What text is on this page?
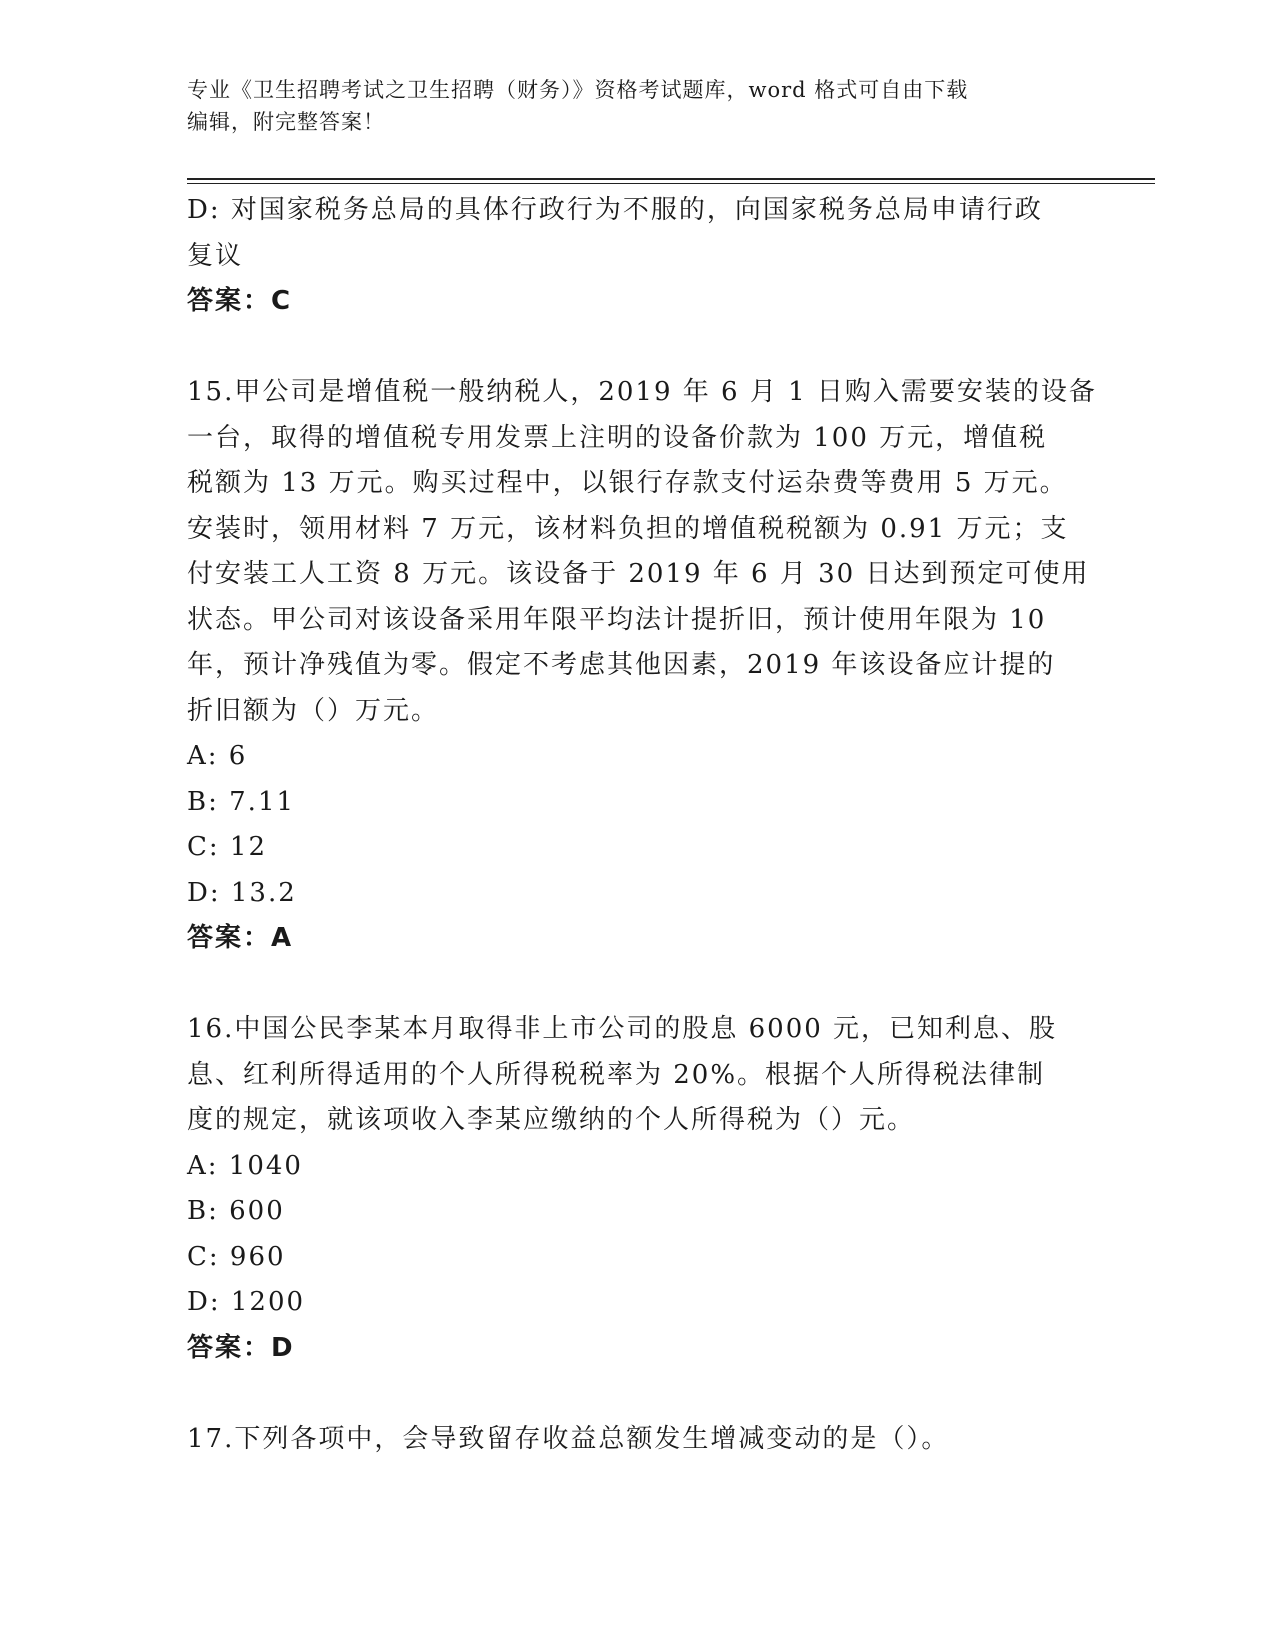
专业《卫生招聘考试之卫生招聘（财务）》资格考试题库，word 格式可自由下载
编辑，附完整答案！
D: 对国家税务总局的具体行政行为不服的，向国家税务总局申请行政
复议
答案：C
15.甲公司是增值税一般纳税人，2019 年 6 月 1 日购入需要安装的设备
一台，取得的增值税专用发票上注明的设备价款为 100 万元，增值税
税额为 13 万元。购买过程中，以银行存款支付运杂费等费用 5 万元。
安装时，领用材料 7 万元，该材料负担的增值税税额为 0.91 万元；支
付安装工人工资 8 万元。该设备于 2019 年 6 月 30 日达到预定可使用
状态。甲公司对该设备采用年限平均法计提折旧，预计使用年限为 10
年，预计净残值为零。假定不考虑其他因素，2019 年该设备应计提的
折旧额为（）万元。
A: 6
B: 7.11
C: 12
D: 13.2
答案：A
16.中国公民李某本月取得非上市公司的股息 6000 元，已知利息、股
息、红利所得适用的个人所得税税率为 20%。根据个人所得税法律制
度的规定，就该项收入李某应缴纳的个人所得税为（）元。
A: 1040
B: 600
C: 960
D: 1200
答案：D
17.下列各项中，会导致留存收益总额发生增减变动的是（）。
